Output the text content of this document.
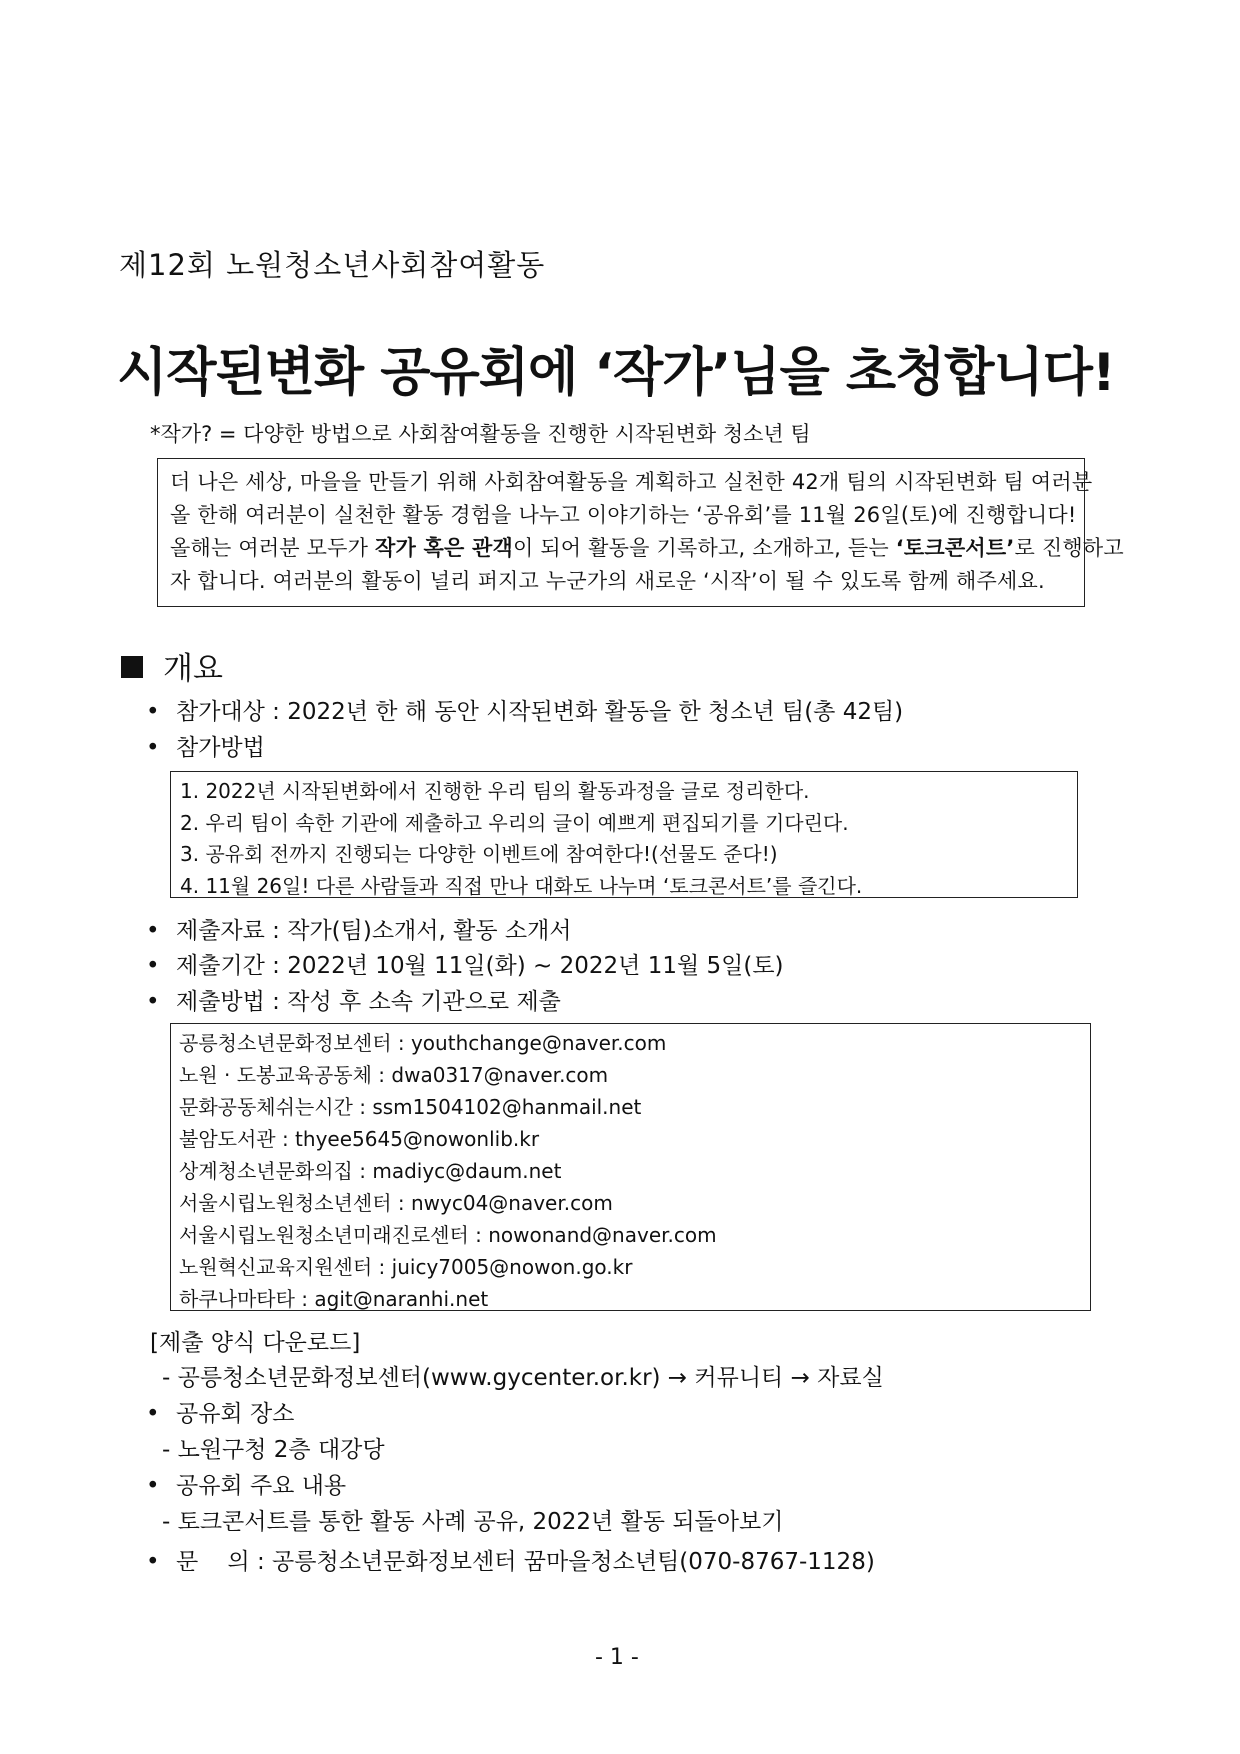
제12회 노원청소년사회참여활동
시작된변화 공유회에 ‘작가’님을 초청합니다!
*작가? = 다양한 방법으로 사회참여활동을 진행한 시작된변화 청소년 팀
더 나은 세상, 마을을 만들기 위해 사회참여활동을 계획하고 실천한 42개 팀의 시작된변화 팀 여러분
올 한해 여러분이 실천한 활동 경험을 나누고 이야기하는 ‘공유회’를 11월 26일(토)에 진행합니다!
올해는 여러분 모두가 작가 혹은 관객이 되어 활동을 기록하고, 소개하고, 듣는 ‘토크콘서트’로 진행하고
자 합니다. 여러분의 활동이 널리 퍼지고 누군가의 새로운 ‘시작’이 될 수 있도록 함께 해주세요.
개요
• 참가대상 : 2022년 한 해 동안 시작된변화 활동을 한 청소년 팀(총 42팀)
• 참가방법
1. 2022년 시작된변화에서 진행한 우리 팀의 활동과정을 글로 정리한다.
2. 우리 팀이 속한 기관에 제출하고 우리의 글이 예쁘게 편집되기를 기다린다.
3. 공유회 전까지 진행되는 다양한 이벤트에 참여한다!(선물도 준다!)
4. 11월 26일! 다른 사람들과 직접 만나 대화도 나누며 ‘토크콘서트’를 즐긴다.
• 제출자료 : 작가(팀)소개서, 활동 소개서
• 제출기간 : 2022년 10월 11일(화) ~ 2022년 11월 5일(토)
• 제출방법 : 작성 후 소속 기관으로 제출
공릉청소년문화정보센터 : youthchange@naver.com
노원 · 도봉교육공동체 : dwa0317@naver.com
문화공동체쉬는시간 : ssm1504102@hanmail.net
불암도서관 : thyee5645@nowonlib.kr
상계청소년문화의집 : madiyc@daum.net
서울시립노원청소년센터 : nwyc04@naver.com
서울시립노원청소년미래진로센터 : nowonand@naver.com
노원혁신교육지원센터 : juicy7005@nowon.go.kr
하쿠나마타타 : agit@naranhi.net
[제출 양식 다운로드]
- 공릉청소년문화정보센터(www.gycenter.or.kr) → 커뮤니티 → 자료실
• 공유회 장소
- 노원구청 2층 대강당
• 공유회 주요 내용
- 토크콘서트를 통한 활동 사례 공유, 2022년 활동 되돌아보기
• 문    의 : 공릉청소년문화정보센터 꿈마을청소년팀(070-8767-1128)
- 1 -
